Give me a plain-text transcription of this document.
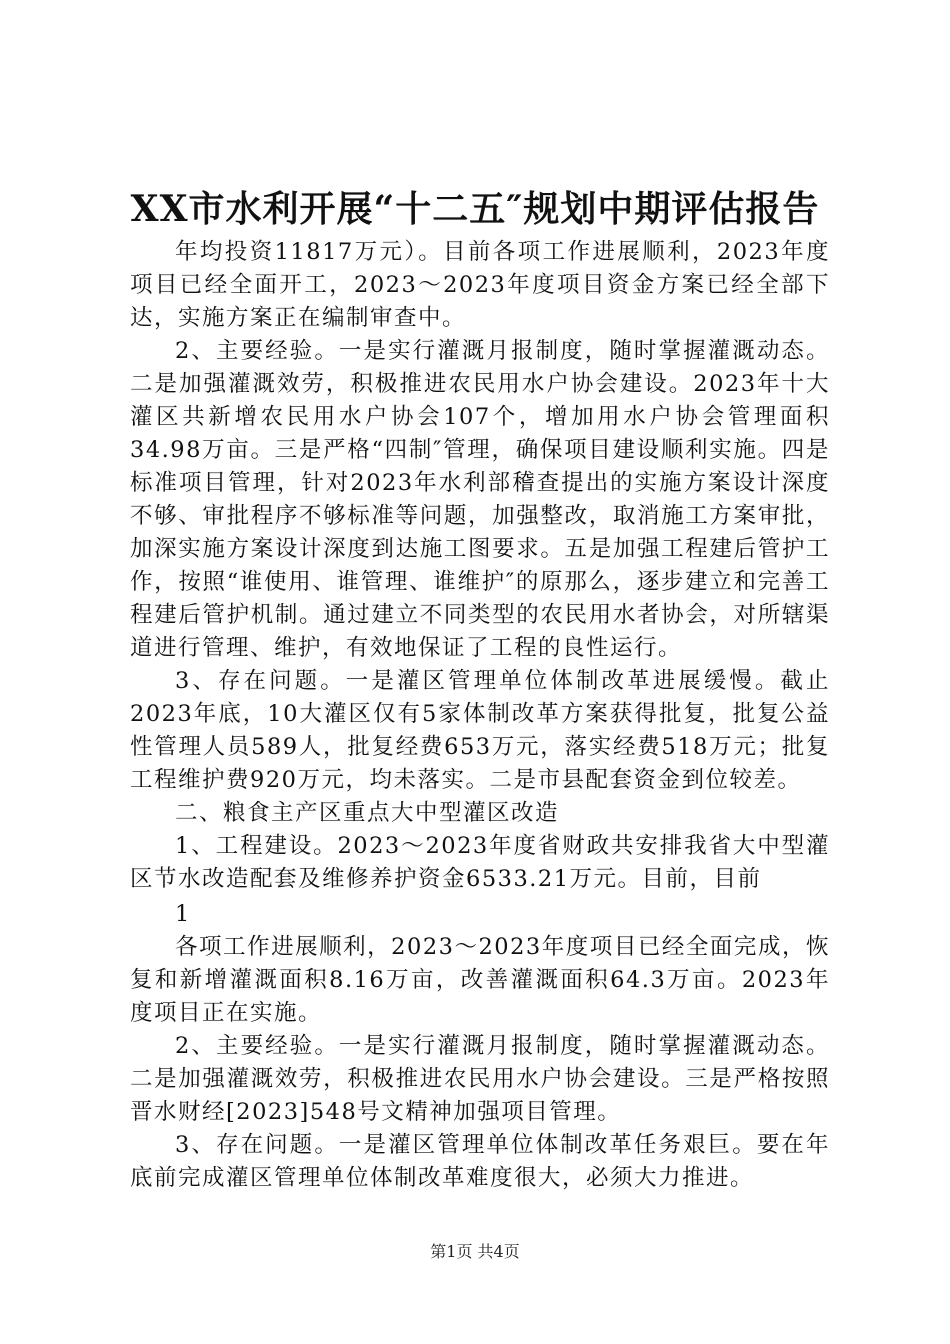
XX市水利开展“十二五″规划中期评估报告

年均投资11817万元）。目前各项工作进展顺利，2023年度项目已经全面开工，2023～2023年度项目资金方案已经全部下达，实施方案正在编制审查中。

2、主要经验。一是实行灌溉月报制度，随时掌握灌溉动态。二是加强灌溉效劳，积极推进农民用水户协会建设。2023年十大灌区共新增农民用水户协会107个，增加用水户协会管理面积34.98万亩。三是严格“四制″管理，确保项目建设顺利实施。四是标准项目管理，针对2023年水利部稽查提出的实施方案设计深度不够、审批程序不够标准等问题，加强整改，取消施工方案审批，加深实施方案设计深度到达施工图要求。五是加强工程建后管护工作，按照“谁使用、谁管理、谁维护″的原那么，逐步建立和完善工程建后管护机制。通过建立不同类型的农民用水者协会，对所辖渠道进行管理、维护，有效地保证了工程的良性运行。

3、存在问题。一是灌区管理单位体制改革进展缓慢。截止2023年底，10大灌区仅有5家体制改革方案获得批复，批复公益性管理人员589人，批复经费653万元，落实经费518万元；批复工程维护费920万元，均未落实。二是市县配套资金到位较差。

二、粮食主产区重点大中型灌区改造

1、工程建设。2023～2023年度省财政共安排我省大中型灌区节水改造配套及维修养护资金6533.21万元。目前，目前

1

各项工作进展顺利，2023～2023年度项目已经全面完成，恢复和新增灌溉面积8.16万亩，改善灌溉面积64.3万亩。2023年度项目正在实施。

2、主要经验。一是实行灌溉月报制度，随时掌握灌溉动态。二是加强灌溉效劳，积极推进农民用水户协会建设。三是严格按照晋水财经[2023]548号文精神加强项目管理。

3、存在问题。一是灌区管理单位体制改革任务艰巨。要在年底前完成灌区管理单位体制改革难度很大，必须大力推进。

第1页 共4页
